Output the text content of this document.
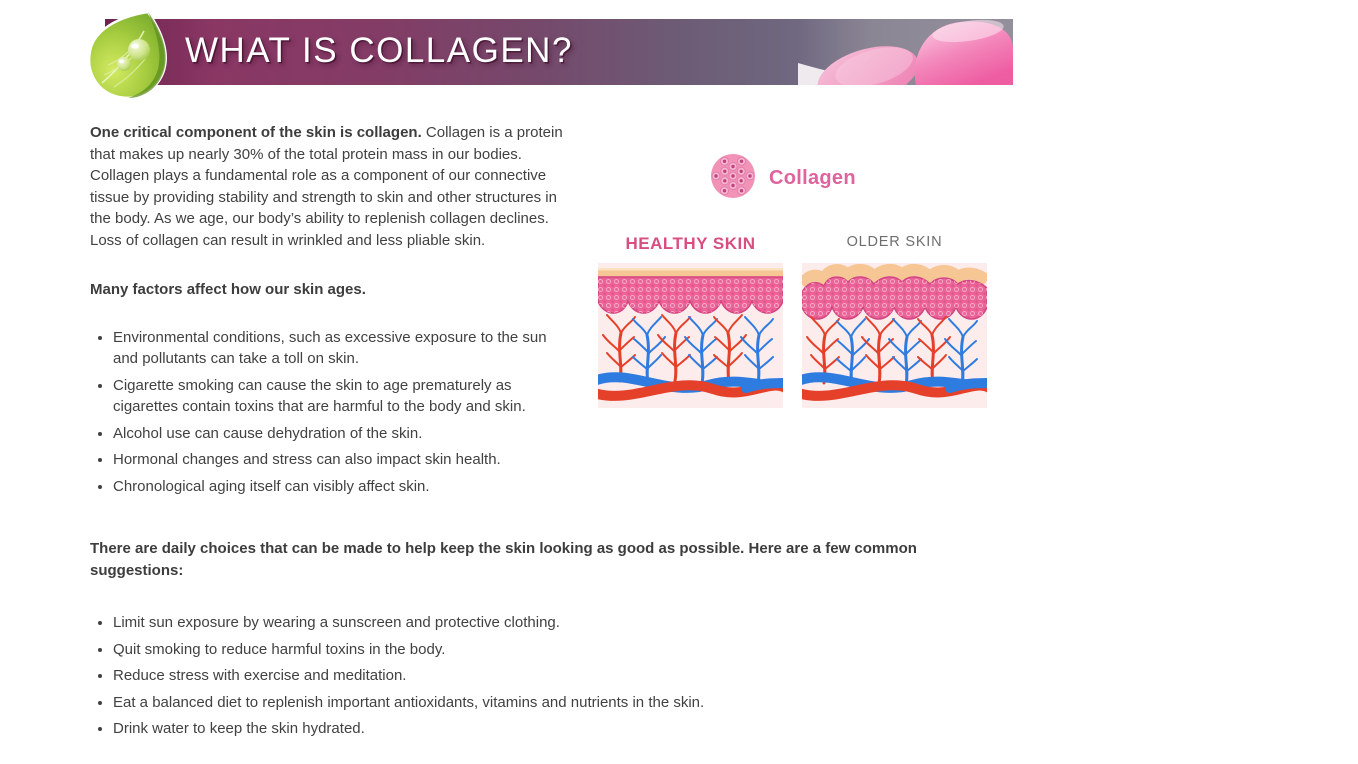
WHAT IS COLLAGEN?

One critical component of the skin is collagen. Collagen is a protein that makes up nearly 30% of the total protein mass in our bodies. Collagen plays a fundamental role as a component of our connective tissue by providing stability and strength to skin and other structures in the body. As we age, our body’s ability to replenish collagen declines. Loss of collagen can result in wrinkled and less pliable skin.

Many factors affect how our skin ages.

• Environmental conditions, such as excessive exposure to the sun and pollutants can take a toll on skin.
• Cigarette smoking can cause the skin to age prematurely as cigarettes contain toxins that are harmful to the body and skin.
• Alcohol use can cause dehydration of the skin.
• Hormonal changes and stress can also impact skin health.
• Chronological aging itself can visibly affect skin.
Collagen
HEALTHY SKIN	OLDER SKIN

There are daily choices that can be made to help keep the skin looking as good as possible. Here are a few common suggestions:

• Limit sun exposure by wearing a sunscreen and protective clothing.
• Quit smoking to reduce harmful toxins in the body.
• Reduce stress with exercise and meditation.
• Eat a balanced diet to replenish important antioxidants, vitamins and nutrients in the skin.
• Drink water to keep the skin hydrated.
